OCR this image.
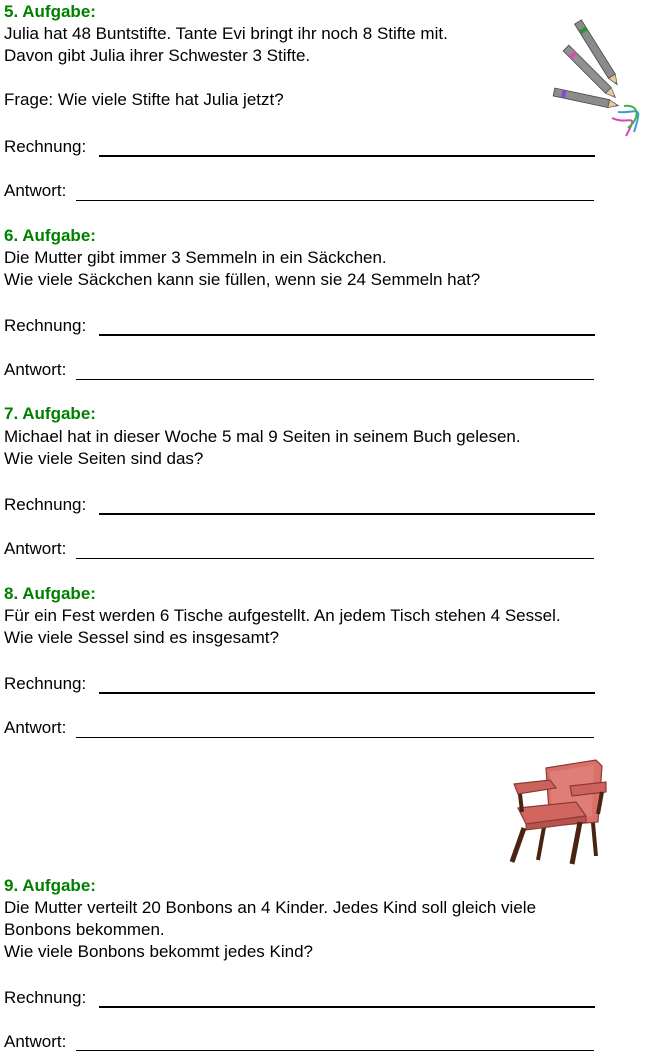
5. Aufgabe:
Julia hat 48 Buntstifte. Tante Evi bringt ihr noch 8 Stifte mit.
Davon gibt Julia ihrer Schwester 3 Stifte.
Frage: Wie viele Stifte hat Julia jetzt?
Rechnung:
Antwort:
6. Aufgabe:
Die Mutter gibt immer 3 Semmeln in ein Säckchen.
Wie viele Säckchen kann sie füllen, wenn sie 24 Semmeln hat?
Rechnung:
Antwort:
7. Aufgabe:
Michael hat in dieser Woche 5 mal 9 Seiten in seinem Buch gelesen.
Wie viele Seiten sind das?
Rechnung:
Antwort:
8. Aufgabe:
Für ein Fest werden 6 Tische aufgestellt. An jedem Tisch stehen 4 Sessel.
Wie viele Sessel sind es insgesamt?
Rechnung:
Antwort:
9. Aufgabe:
Die Mutter verteilt 20 Bonbons an 4 Kinder. Jedes Kind soll gleich viele
Bonbons bekommen.
Wie viele Bonbons bekommt jedes Kind?
Rechnung:
Antwort:
